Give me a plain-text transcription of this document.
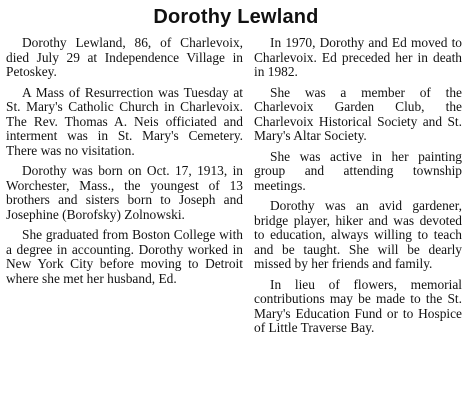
Dorothy Lewland

Dorothy Lewland, 86, of Charlevoix, died July 29 at Independence Village in Petoskey.

A Mass of Resurrection was Tuesday at St. Mary's Catholic Church in Charlevoix. The Rev. Thomas A. Neis officiated and interment was in St. Mary's Cemetery. There was no visitation.

Dorothy was born on Oct. 17, 1913, in Worchester, Mass., the youngest of 13 brothers and sisters born to Joseph and Josephine (Borofsky) Zolnowski.

She graduated from Boston College with a degree in accounting. Dorothy worked in New York City before moving to Detroit where she met her husband, Ed.

In 1970, Dorothy and Ed moved to Charlevoix. Ed preceded her in death in 1982.

She was a member of the Charlevoix Garden Club, the Charlevoix Historical Society and St. Mary's Altar Society.

She was active in her painting group and attending township meetings.

Dorothy was an avid gardener, bridge player, hiker and was devoted to education, always willing to teach and be taught. She will be dearly missed by her friends and family.

In lieu of flowers, memorial contributions may be made to the St. Mary's Education Fund or to Hospice of Little Traverse Bay.
